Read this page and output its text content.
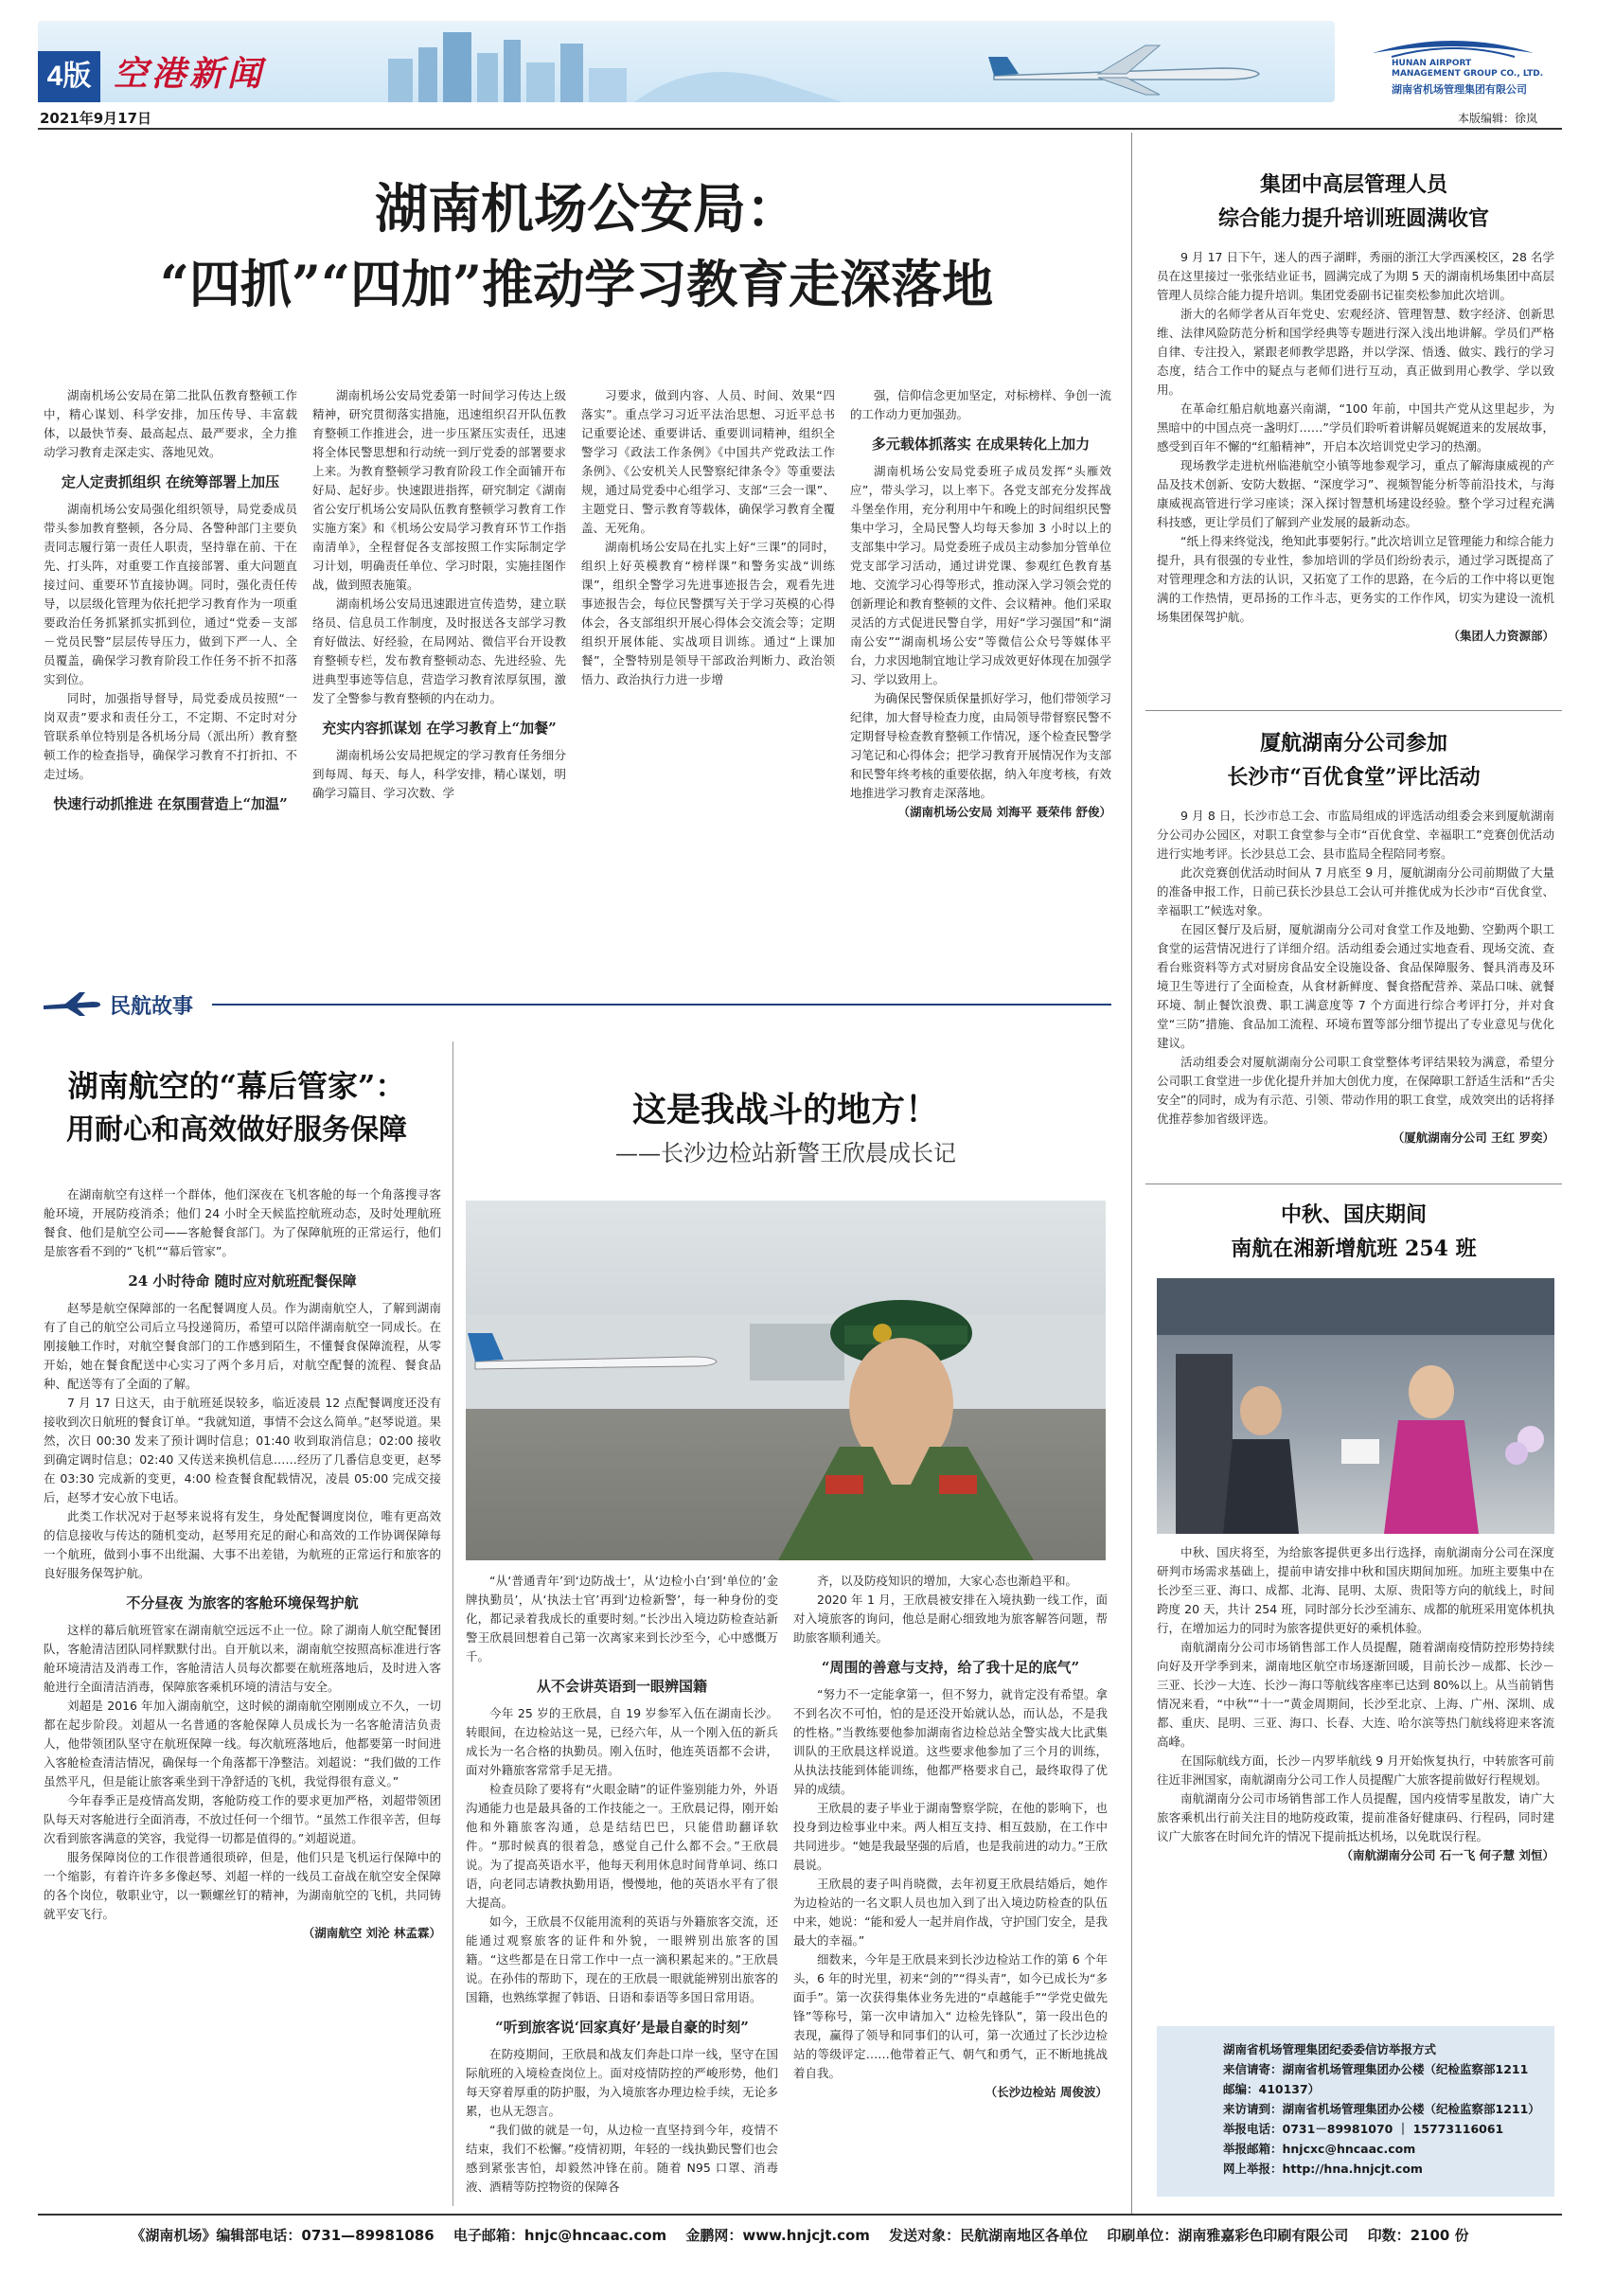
4版 空港新闻	HUNAN AIRPORT
MANAGEMENT GROUP CO., LTD.
湖南省机场管理集团有限公司
2021年9月17日	本版编辑：徐岚
湖南机场公安局：
“四抓”“四加”推动学习教育走深落地

湖南机场公安局在第二批队伍教育整顿工作中，精心谋划、科学安排，加压传导、丰富载体，以最快节奏、最高起点、最严要求，全力推动学习教育走深走实、落地见效。

定人定责抓组织 在统筹部署上加压

湖南机场公安局强化组织领导，局党委成员带头参加教育整顿，各分局、各警种部门主要负责同志履行第一责任人职责，坚持靠在前、干在先、打头阵，对重要工作直接部署、重大问题直接过问、重要环节直接协调。同时，强化责任传导，以层级化管理为依托把学习教育作为一项重要政治任务抓紧抓实抓到位，通过“党委－支部－党员民警”层层传导压力，做到下严一人、全员覆盖，确保学习教育阶段工作任务不折不扣落实到位。

同时，加强指导督导，局党委成员按照“一岗双责”要求和责任分工，不定期、不定时对分管联系单位特别是各机场分局（派出所）教育整顿工作的检查指导，确保学习教育不打折扣、不走过场。

快速行动抓推进 在氛围营造上“加温”

湖南机场公安局党委第一时间学习传达上级精神，研究贯彻落实措施，迅速组织召开队伍教育整顿工作推进会，进一步压紧压实责任，迅速将全体民警思想和行动统一到厅党委的部署要求上来。为教育整顿学习教育阶段工作全面铺开布好局、起好步。快速跟进指挥，研究制定《湖南省公安厅机场公安局队伍教育整顿学习教育工作实施方案》和《机场公安局学习教育环节工作指南清单》，全程督促各支部按照工作实际制定学习计划，明确责任单位、学习时限，实施挂图作战，做到照表施策。

湖南机场公安局迅速跟进宣传造势，建立联络员、信息员工作制度，及时报送各支部学习教育好做法、好经验，在局网站、微信平台开设教育整顿专栏，发布教育整顿动态、先进经验、先进典型事迹等信息，营造学习教育浓厚氛围，激发了全警参与教育整顿的内在动力。

充实内容抓谋划 在学习教育上“加餐”

湖南机场公安局把规定的学习教育任务细分到每周、每天、每人，科学安排，精心谋划，明确学习篇目、学习次数、学

习要求，做到内容、人员、时间、效果“四落实”。重点学习习近平法治思想、习近平总书记重要论述、重要讲话、重要训词精神，组织全警学习《政法工作条例》《中国共产党政法工作条例》、《公安机关人民警察纪律条令》等重要法规，通过局党委中心组学习、支部“三会一课”、主题党日、警示教育等载体，确保学习教育全覆盖、无死角。

湖南机场公安局在扎实上好“三课”的同时，组织上好英模教育“榜样课”和警务实战“训练课”，组织全警学习先进事迹报告会，观看先进事迹报告会，每位民警撰写关于学习英模的心得体会，各支部组织开展心得体会交流会等；定期组织开展体能、实战项目训练。通过“上课加餐”，全警特别是领导干部政治判断力、政治领悟力、政治执行力进一步增

强，信仰信念更加坚定，对标榜样、争创一流的工作动力更加强劲。

多元载体抓落实 在成果转化上加力

湖南机场公安局党委班子成员发挥“头雁效应”，带头学习，以上率下。各党支部充分发挥战斗堡垒作用，充分利用中午和晚上的时间组织民警集中学习，全局民警人均每天参加 3 小时以上的支部集中学习。局党委班子成员主动参加分管单位党支部学习活动，通过讲党课、参观红色教育基地、交流学习心得等形式，推动深入学习领会党的创新理论和教育整顿的文件、会议精神。他们采取灵活的方式促进民警自学，用好“学习强国”和“湖南公安”“湖南机场公安”等微信公众号等媒体平台，力求因地制宜地让学习成效更好体现在加强学习、学以致用上。

为确保民警保质保量抓好学习，他们带领学习纪律，加大督导检查力度，由局领导带督察民警不定期督导检查教育整顿工作情况，逐个检查民警学习笔记和心得体会；把学习教育开展情况作为支部和民警年终考核的重要依据，纳入年度考核，有效地推进学习教育走深落地。

（湖南机场公安局 刘海平 聂荣伟 舒俊）

民航故事
湖南航空的“幕后管家”：
用耐心和高效做好服务保障

在湖南航空有这样一个群体，他们深夜在飞机客舱的每一个角落搜寻客舱环境，开展防疫消杀；他们 24 小时全天候监控航班动态，及时处理航班餐食、他们是航空公司——客舱餐食部门。为了保障航班的正常运行，他们是旅客看不到的“飞机”“幕后管家”。

24 小时待命 随时应对航班配餐保障

赵琴是航空保障部的一名配餐调度人员。作为湖南航空人，了解到湖南有了自己的航空公司后立马投递简历，希望可以陪伴湖南航空一同成长。在刚接触工作时，对航空餐食部门的工作感到陌生，不懂餐食保障流程，从零开始，她在餐食配送中心实习了两个多月后，对航空配餐的流程、餐食品种、配送等有了全面的了解。

7 月 17 日这天，由于航班延误较多，临近凌晨 12 点配餐调度还没有接收到次日航班的餐食订单。“我就知道，事情不会这么简单。”赵琴说道。果然，次日 00:30 发来了预计调时信息；01:40 收到取消信息；02:00 接收到确定调时信息；02:40 又传送来换机信息……经历了几番信息变更，赵琴在 03:30 完成新的变更，4:00 检查餐食配载情况，凌晨 05:00 完成交接后，赵琴才安心放下电话。

此类工作状况对于赵琴来说将有发生，身处配餐调度岗位，唯有更高效的信息接收与传达的随机变动，赵琴用充足的耐心和高效的工作协调保障每一个航班，做到小事不出纰漏、大事不出差错，为航班的正常运行和旅客的良好服务保驾护航。

不分昼夜 为旅客的客舱环境保驾护航

这样的幕后航班管家在湖南航空远远不止一位。除了湖南人航空配餐团队，客舱清洁团队同样默默付出。自开航以来，湖南航空按照高标准进行客舱环境清洁及消毒工作，客舱清洁人员每次都要在航班落地后，及时进入客舱进行全面清洁消毒，保障旅客乘机环境的清洁与安全。

刘超是 2016 年加入湖南航空，这时候的湖南航空刚刚成立不久，一切都在起步阶段。刘超从一名普通的客舱保障人员成长为一名客舱清洁负责人，他带领团队坚守在航班保障一线。每次航班落地后，他都要第一时间进入客舱检查清洁情况，确保每一个角落都干净整洁。刘超说：“我们做的工作虽然平凡，但是能让旅客乘坐到干净舒适的飞机，我觉得很有意义。”

今年春季正是疫情高发期，客舱防疫工作的要求更加严格，刘超带领团队每天对客舱进行全面消毒，不放过任何一个细节。“虽然工作很辛苦，但每次看到旅客满意的笑容，我觉得一切都是值得的。”刘超说道。

服务保障岗位的工作很普通很琐碎，但是，他们只是飞机运行保障中的一个缩影，有着许许多多像赵琴、刘超一样的一线员工奋战在航空安全保障的各个岗位，敬职业守，以一颗螺丝钉的精神，为湖南航空的飞机，共同铸就平安飞行。

（湖南航空 刘沦 林孟霖）

这是我战斗的地方！
——长沙边检站新警王欣晨成长记

“从‘普通青年’到‘边防战士’，从‘边检小白’到‘单位的’金牌执勤员’，从‘执法士官’再到‘边检新警’，每一种身份的变化，都记录着我成长的重要时刻。”长沙出入境边防检查站新警王欣晨回想着自己第一次离家来到长沙至今，心中感慨万千。

从不会讲英语到一眼辨国籍

今年 25 岁的王欣晨，自 19 岁参军入伍在湖南长沙。转眼间，在边检站这一晃，已经六年，从一个刚入伍的新兵成长为一名合格的执勤员。刚入伍时，他连英语都不会讲，面对外籍旅客常常手足无措。

检查员除了要将有“火眼金睛”的证件鉴别能力外，外语沟通能力也是最具备的工作技能之一。王欣晨记得，刚开始他和外籍旅客沟通，总是结结巴巴，只能借助翻译软件。“那时候真的很着急，感觉自己什么都不会。”王欣晨说。为了提高英语水平，他每天利用休息时间背单词、练口语，向老同志请教执勤用语，慢慢地，他的英语水平有了很大提高。

如今，王欣晨不仅能用流利的英语与外籍旅客交流，还能通过观察旅客的证件和外貌，一眼辨别出旅客的国籍。“这些都是在日常工作中一点一滴积累起来的。”王欣晨说。在孙伟的帮助下，现在的王欣晨一眼就能辨别出旅客的国籍，也熟练掌握了韩语、日语和泰语等多国日常用语。

“听到旅客说‘回家真好’是最自豪的时刻”

在防疫期间，王欣晨和战友们奔赴口岸一线，坚守在国际航班的入境检查岗位上。面对疫情防控的严峻形势，他们每天穿着厚重的防护服，为入境旅客办理边检手续，无论多累，也从无怨言。

“我们做的就是一句，从边检一直坚持到今年，疫情不结束，我们不松懈。”疫情初期，年轻的一线执勤民警们也会感到紧张害怕，却毅然冲锋在前。随着 N95 口罩、消毒液、酒精等防控物资的保障各

齐，以及防疫知识的增加，大家心态也渐趋平和。

2020 年 1 月，王欣晨被安排在入境执勤一线工作，面对入境旅客的询问，他总是耐心细致地为旅客解答问题，帮助旅客顺利通关。

“周围的善意与支持，给了我十足的底气”

“努力不一定能拿第一，但不努力，就肯定没有希望。拿不到名次不可怕，怕的是还没开始就认怂，而认怂，不是我的性格。”当教练要他参加湖南省边检总站全警实战大比武集训队的王欣晨这样说道。这些要求他参加了三个月的训练，从执法技能到体能训练，他都严格要求自己，最终取得了优异的成绩。

王欣晨的妻子毕业于湖南警察学院，在他的影响下，也投身到边检事业中来。两人相互支持、相互鼓励，在工作中共同进步。“她是我最坚强的后盾，也是我前进的动力。”王欣晨说。

王欣晨的妻子叫肖晓微，去年初夏王欣晨结婚后，她作为边检站的一名文职人员也加入到了出入境边防检查的队伍中来，她说：“能和爱人一起并肩作战，守护国门安全，是我最大的幸福。”

细数来，今年是王欣晨来到长沙边检站工作的第 6 个年头，6 年的时光里，初来“剑的”“得头青”，如今已成长为“多面手”。第一次获得集体业务先进的“卓越能手”“学党史做先锋”等称号，第一次申请加入“ 边检先锋队”，第一段出色的表现，赢得了领导和同事们的认可，第一次通过了长沙边检站的等级评定……他带着正气、朝气和勇气，正不断地挑战着自我。

（长沙边检站 周俊波）

集团中高层管理人员
综合能力提升培训班圆满收官

9 月 17 日下午，迷人的西子湖畔，秀丽的浙江大学西溪校区，28 名学员在这里接过一张张结业证书，圆满完成了为期 5 天的湖南机场集团中高层管理人员综合能力提升培训。集团党委副书记崔奕松参加此次培训。

浙大的名师学者从百年党史、宏观经济、管理智慧、数字经济、创新思维、法律风险防范分析和国学经典等专题进行深入浅出地讲解。学员们严格自律、专注投入，紧跟老师教学思路，并以学深、悟透、做实、践行的学习态度，结合工作中的疑点与老师们进行互动，真正做到用心教学、学以致用。

在革命红船启航地嘉兴南湖，“100 年前，中国共产党从这里起步，为黑暗中的中国点亮一盏明灯……”学员们聆听着讲解员娓娓道来的发展故事，感受到百年不懈的“红船精神”，开启本次培训党史学习的热潮。

现场教学走进杭州临港航空小镇等地参观学习，重点了解海康威视的产品及技术创新、安防大数据、“深度学习”、视频智能分析等前沿技术，与海康威视高管进行学习座谈；深入探讨智慧机场建设经验。整个学习过程充满科技感，更让学员们了解到产业发展的最新动态。

“纸上得来终觉浅，绝知此事要躬行。”此次培训立足管理能力和综合能力提升，具有很强的专业性，参加培训的学员们纷纷表示，通过学习既提高了对管理理念和方法的认识，又拓宽了工作的思路，在今后的工作中将以更饱满的工作热情，更昂扬的工作斗志，更务实的工作作风，切实为建设一流机场集团保驾护航。

（集团人力资源部）

厦航湖南分公司参加
长沙市“百优食堂”评比活动

9 月 8 日，长沙市总工会、市监局组成的评选活动组委会来到厦航湖南分公司办公园区，对职工食堂参与全市“百优食堂、幸福职工”竞赛创优活动进行实地考评。长沙县总工会、县市监局全程陪同考察。

此次竞赛创优活动时间从 7 月底至 9 月，厦航湖南分公司前期做了大量的准备申报工作，日前已获长沙县总工会认可并推优成为长沙市“百优食堂、幸福职工”候选对象。

在园区餐厅及后厨，厦航湖南分公司对食堂工作及地勤、空勤两个职工食堂的运营情况进行了详细介绍。活动组委会通过实地查看、现场交流、查看台账资料等方式对厨房食品安全设施设备、食品保障服务、餐具消毒及环境卫生等进行了全面检查，从食材新鲜度、餐食搭配营养、菜品口味、就餐环境、制止餐饮浪费、职工满意度等 7 个方面进行综合考评打分，并对食堂“三防”措施、食品加工流程、环境布置等部分细节提出了专业意见与优化建议。

活动组委会对厦航湖南分公司职工食堂整体考评结果较为满意，希望分公司职工食堂进一步优化提升并加大创优力度，在保障职工舒适生活和“舌尖安全”的同时，成为有示范、引领、带动作用的职工食堂，成效突出的话将择优推荐参加省级评选。

（厦航湖南分公司 王红 罗奕）

中秋、国庆期间
南航在湘新增航班 254 班

中秋、国庆将至，为给旅客提供更多出行选择，南航湖南分公司在深度研判市场需求基础上，提前申请安排中秋和国庆期间加班。加班主要集中在长沙至三亚、海口、成都、北海、昆明、太原、贵阳等方向的航线上，时间跨度 20 天，共计 254 班，同时部分长沙至浦东、成都的航班采用宽体机执行，在增加运力的同时为旅客提供更好的乘机体验。

南航湖南分公司市场销售部工作人员提醒，随着湖南疫情防控形势持续向好及开学季到来，湖南地区航空市场逐渐回暖，目前长沙－成都、长沙－三亚、长沙－大连、长沙－海口等航线客座率已达到 80%以上。从当前销售情况来看，“中秋”“十一”黄金周期间，长沙至北京、上海、广州、深圳、成都、重庆、昆明、三亚、海口、长春、大连、哈尔滨等热门航线将迎来客流高峰。

在国际航线方面，长沙－内罗毕航线 9 月开始恢复执行，中转旅客可前往近非洲国家，南航湖南分公司工作人员提醒广大旅客提前做好行程规划。

南航湖南分公司市场销售部工作人员提醒，国内疫情零星散发，请广大旅客乘机出行前关注目的地防疫政策，提前准备好健康码、行程码，同时建议广大旅客在时间允许的情况下提前抵达机场，以免耽误行程。

（南航湖南分公司 石一飞 何子慧 刘恒）

湖南省机场管理集团纪委委信访举报方式
来信请寄：湖南省机场管理集团办公楼（纪检监察部1211 邮编：410137）
来访请到：湖南省机场管理集团办公楼（纪检监察部1211）
举报电话：0731－89981070 ｜ 15773116061
举报邮箱：hnjcxc@hncaac.com
网上举报：http://hna.hnjcjt.com
《湖南机场》编辑部电话：0731—89981086　 电子邮箱：hnjc@hncaac.com　 金鹏网：www.hnjcjt.com　 发送对象：民航湖南地区各单位　 印刷单位：湖南雅嘉彩色印刷有限公司　 印数：2100 份
